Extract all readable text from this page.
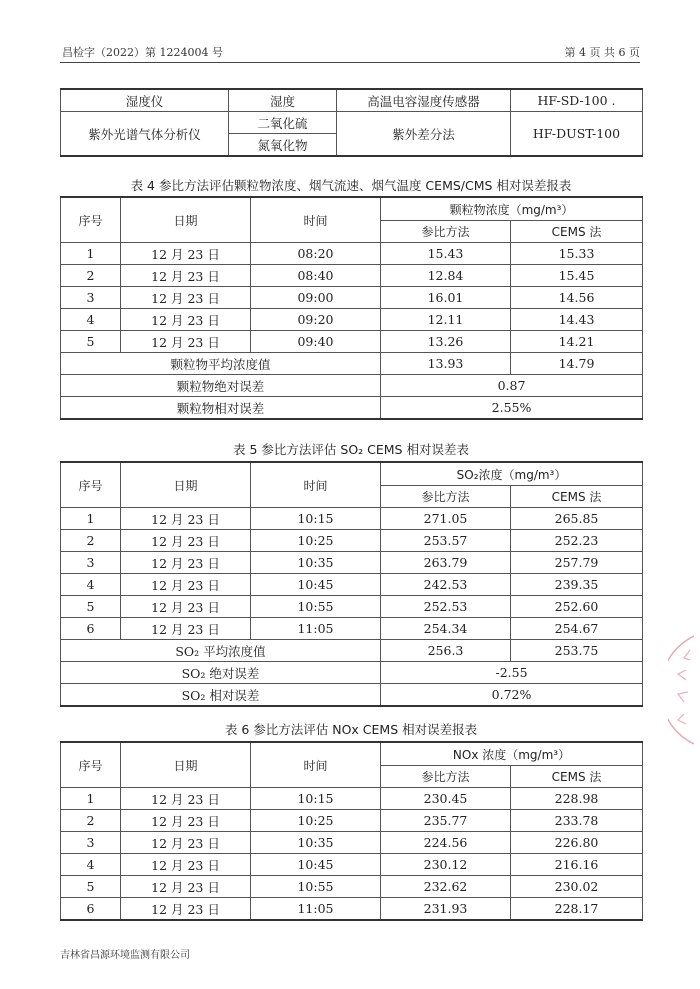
昌检字（2022）第 1224004 号	第 4 页 共 6 页
湿度仪	湿度	高温电容湿度传感器	HF-SD-100 .
紫外光谱气体分析仪	二氧化硫	紫外差分法	HF-DUST-100
	氮氧化物		
表 4 参比方法评估颗粒物浓度、烟气流速、烟气温度 CEMS/CMS 相对误差报表
序号	日期	时间	颗粒物浓度（mg/m³）	
			参比方法	CEMS 法
1	12 月 23 日	08:20	15.43	15.33
2	12 月 23 日	08:40	12.84	15.45
3	12 月 23 日	09:00	16.01	14.56
4	12 月 23 日	09:20	12.11	14.43
5	12 月 23 日	09:40	13.26	14.21
颗粒物平均浓度值			13.93	14.79
颗粒物绝对误差			0.87	
颗粒物相对误差			2.55%	
表 5 参比方法评估 SO₂ CEMS 相对误差表
序号	日期	时间	SO₂浓度（mg/m³）	
			参比方法	CEMS 法
1	12 月 23 日	10:15	271.05	265.85
2	12 月 23 日	10:25	253.57	252.23
3	12 月 23 日	10:35	263.79	257.79
4	12 月 23 日	10:45	242.53	239.35
5	12 月 23 日	10:55	252.53	252.60
6	12 月 23 日	11:05	254.34	254.67
SO₂ 平均浓度值			256.3	253.75
SO₂ 绝对误差			-2.55	
SO₂ 相对误差			0.72%	
表 6 参比方法评估 NOx CEMS 相对误差报表
序号	日期	时间	NOx 浓度（mg/m³）	
			参比方法	CEMS 法
1	12 月 23 日	10:15	230.45	228.98
2	12 月 23 日	10:25	235.77	233.78
3	12 月 23 日	10:35	224.56	226.80
4	12 月 23 日	10:45	230.12	216.16
5	12 月 23 日	10:55	232.62	230.02
6	12 月 23 日	11:05	231.93	228.17
吉林省昌源环境监测有限公司
